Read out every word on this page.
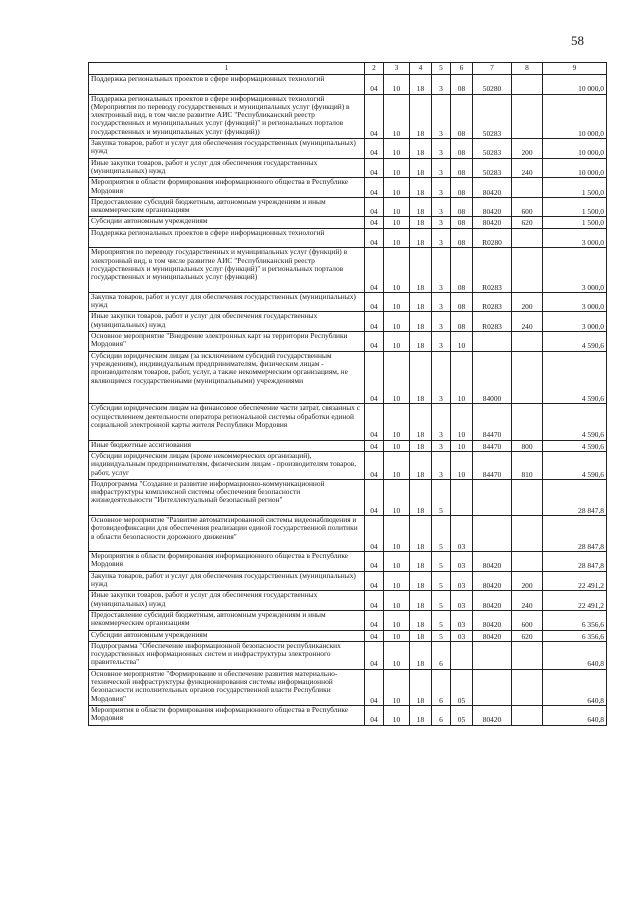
58
1	2	3	4	5	6	7	8	9

Поддержка региональных проектов в сфере информационных технологий	04	10	18	3	08	50280		10 000,0

Поддержка региональных проектов в сфере информационных технологий (Мероприятия по переводу государственных и муниципальных услуг (функций) в электронный вид, в том числе развитие АИС "Республиканский реестр государственных и муниципальных услуг (функций)" и региональных порталов государственных и муниципальных услуг (функций))	04	10	18	3	08	50283		10 000,0

Закупка товаров, работ и услуг для обеспечения государственных (муниципальных) нужд	04	10	18	3	08	50283	200	10 000,0

Иные закупки товаров, работ и услуг для обеспечения государственных (муниципальных) нужд	04	10	18	3	08	50283	240	10 000,0

Мероприятия в области формирования информационного общества в Республике Мордовия	04	10	18	3	08	80420		1 500,0

Предоставление субсидий бюджетным, автономным учреждениям и иным некоммерческим организациям	04	10	18	3	08	80420	600	1 500,0

Субсидии автономным учреждениям	04	10	18	3	08	80420	620	1 500,0

Поддержка региональных проектов в сфере информационных технологий	04	10	18	3	08	R0280		3 000,0

Мероприятия по переводу государственных и муниципальных услуг (функций) в электронный вид, в том числе развитие АИС "Республиканский реестр государственных и муниципальных услуг (функций)" и региональных порталов государственных и муниципальных услуг (функций)	04	10	18	3	08	R0283		3 000,0

Закупка товаров, работ и услуг для обеспечения государственных (муниципальных) нужд	04	10	18	3	08	R0283	200	3 000,0

Иные закупки товаров, работ и услуг для обеспечения государственных (муниципальных) нужд	04	10	18	3	08	R0283	240	3 000,0

Основное мероприятие "Внедрение электронных карт на территории Республики Мордовия"	04	10	18	3	10			4 590,6

Субсидии юридическим лицам (за исключением субсидий государственным учреждениям), индивидуальным предпринимателям, физическим лицам - производителям товаров, работ, услуг, а также некоммерческим организациям, не являющимся государственными (муниципальными) учреждениями	04	10	18	3	10	84000		4 590,6

Субсидии юридическим лицам на финансовое обеспечение части затрат, связанных с осуществлением деятельности оператора региональной системы обработки единой социальной электронной карты жителя Республики Мордовия	04	10	18	3	10	84470		4 590,6

Иные бюджетные ассигнования	04	10	18	3	10	84470	800	4 590,6

Субсидии юридическим лицам (кроме некоммерческих организаций), индивидуальным предпринимателям, физическим лицам - производителям товаров, работ, услуг	04	10	18	3	10	84470	810	4 590,6

Подпрограмма "Создание и развитие информационно-коммуникационной инфраструктуры комплексной системы обеспечения безопасности жизнедеятельности "Интеллектуальный безопасный регион"	04	10	18	5				28 847,8

Основное мероприятие "Развитие автоматизированной системы видеонаблюдения и фотовидеофиксации для обеспечения реализации единой государственной политики в области безопасности дорожного движения"	04	10	18	5	03			28 847,8

Мероприятия в области формирования информационного общества в Республике Мордовия	04	10	18	5	03	80420		28 847,8

Закупка товаров, работ и услуг для обеспечения государственных (муниципальных) нужд	04	10	18	5	03	80420	200	22 491,2

Иные закупки товаров, работ и услуг для обеспечения государственных (муниципальных) нужд	04	10	18	5	03	80420	240	22 491,2

Предоставление субсидий бюджетным, автономным учреждениям и иным некоммерческим организациям	04	10	18	5	03	80420	600	6 356,6

Субсидии автономным учреждениям	04	10	18	5	03	80420	620	6 356,6

Подпрограмма "Обеспечение информационной безопасности республиканских государственных информационных систем и инфраструктуры электронного правительства"	04	10	18	6				640,8

Основное мероприятие "Формирование и обеспечение развития материально-технической инфраструктуры функционирования системы информационной безопасности исполнительных органов государственной власти Республики Мордовия"	04	10	18	6	05			640,8

Мероприятия в области формирования информационного общества в Республике Мордовия	04	10	18	6	05	80420		640,8
